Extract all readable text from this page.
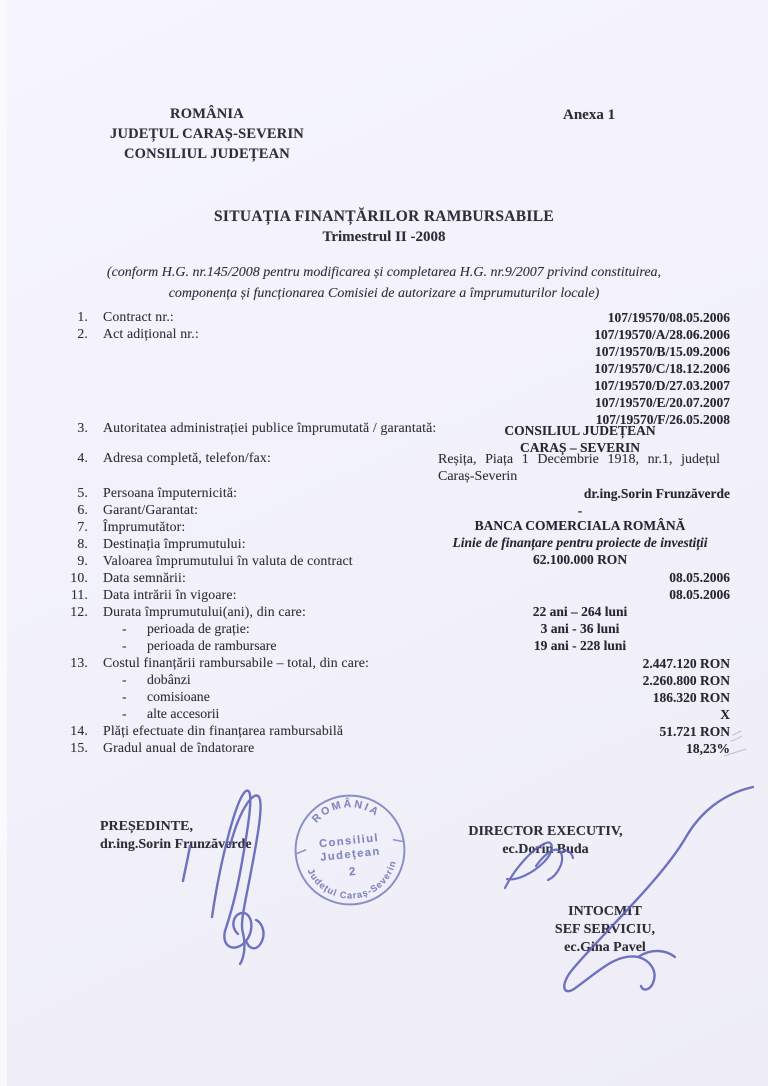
ROMÂNIA
JUDEȚUL CARAȘ-SEVERIN
CONSILIUL JUDEȚEAN
Anexa 1
SITUAȚIA FINANȚĂRILOR RAMBURSABILE
Trimestrul II -2008
(conform H.G. nr.145/2008 pentru modificarea și completarea H.G. nr.9/2007 privind constituirea, componența și funcționarea Comisiei de autorizare a împrumuturilor locale)
1. Contract nr.:
2. Act adițional nr.:
3. Autoritatea administrației publice împrumutată / garantată:
4. Adresa completă, telefon/fax:
5. Persoana împuternicită:
6. Garant/Garantat:
7. Împrumutător:
8. Destinația împrumutului:
9. Valoarea împrumutului în valuta de contract
10. Data semnării:
11. Data intrării în vigoare:
12. Durata împrumutului(ani), din care:
- perioada de grație:
- perioada de rambursare
13. Costul finanțării rambursabile – total, din care:
- dobânzi
- comisioane
- alte accesorii
14. Plăți efectuate din finanțarea rambursabilă
15. Gradul anual de îndatorare
107/19570/08.05.2006
107/19570/A/28.06.2006
107/19570/B/15.09.2006
107/19570/C/18.12.2006
107/19570/D/27.03.2007
107/19570/E/20.07.2007
107/19570/F/26.05.2008
CONSILIUL JUDEȚEAN
CARAȘ – SEVERIN
Reșița, Piața 1 Decembrie 1918, nr.1, județul
Caraș-Severin
dr.ing.Sorin Frunzăverde
-
BANCA COMERCIALA ROMÂNĂ
Linie de finanțare pentru proiecte de investiții
62.100.000 RON
08.05.2006
08.05.2006
22 ani – 264 luni
3 ani - 36 luni
19 ani - 228 luni
2.447.120 RON
2.260.800 RON
186.320 RON
X
51.721 RON
18,23%
PREȘEDINTE,
dr.ing.Sorin Frunzăverde
DIRECTOR EXECUTIV,
ec.Dorin Buda
INTOCMIT
SEF SERVICIU,
ec.Gina Pavel
ROMÂNIA
Consiliul
Județean
2
Județul Caraș-Severin
